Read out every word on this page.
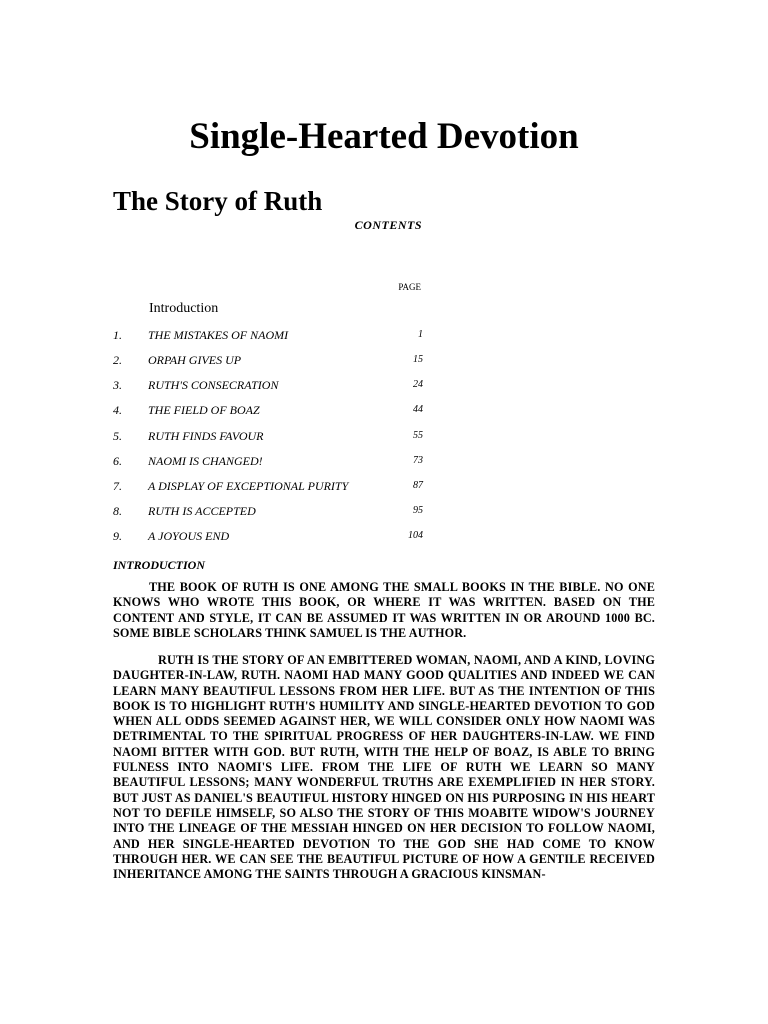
Single-Hearted Devotion
The Story of Ruth
CONTENTS
PAGE
Introduction
1. THE MISTAKES OF NAOMI	1
2. ORPAH GIVES UP	15
3. RUTH'S CONSECRATION	24
4. THE FIELD OF BOAZ	44
5. RUTH FINDS FAVOUR	55
6. NAOMI IS CHANGED!	73
7. A DISPLAY OF EXCEPTIONAL PURITY	87
8. RUTH IS ACCEPTED	95
9. A JOYOUS END	104
INTRODUCTION

THE BOOK OF RUTH IS ONE AMONG THE SMALL BOOKS IN THE BIBLE. NO ONE KNOWS WHO WROTE THIS BOOK, OR WHERE IT WAS WRITTEN. BASED ON THE CONTENT AND STYLE, IT CAN BE ASSUMED IT WAS WRITTEN IN OR AROUND 1000 BC. SOME BIBLE SCHOLARS THINK SAMUEL IS THE AUTHOR.

RUTH IS THE STORY OF AN EMBITTERED WOMAN, NAOMI, AND A KIND, LOVING DAUGHTER-IN-LAW, RUTH. NAOMI HAD MANY GOOD QUALITIES AND INDEED WE CAN LEARN MANY BEAUTIFUL LESSONS FROM HER LIFE. BUT AS THE INTENTION OF THIS BOOK IS TO HIGHLIGHT RUTH'S HUMILITY AND SINGLE-HEARTED DEVOTION TO GOD WHEN ALL ODDS SEEMED AGAINST HER, WE WILL CONSIDER ONLY HOW NAOMI WAS DETRIMENTAL TO THE SPIRITUAL PROGRESS OF HER DAUGHTERS-IN-LAW. WE FIND NAOMI BITTER WITH GOD. BUT RUTH, WITH THE HELP OF BOAZ, IS ABLE TO BRING FULNESS INTO NAOMI'S LIFE. FROM THE LIFE OF RUTH WE LEARN SO MANY BEAUTIFUL LESSONS; MANY WONDERFUL TRUTHS ARE EXEMPLIFIED IN HER STORY. BUT JUST AS DANIEL'S BEAUTIFUL HISTORY HINGED ON HIS PURPOSING IN HIS HEART NOT TO DEFILE HIMSELF, SO ALSO THE STORY OF THIS MOABITE WIDOW'S JOURNEY INTO THE LINEAGE OF THE MESSIAH HINGED ON HER DECISION TO FOLLOW NAOMI, AND HER SINGLE-HEARTED DEVOTION TO THE GOD SHE HAD COME TO KNOW THROUGH HER. WE CAN SEE THE BEAUTIFUL PICTURE OF HOW A GENTILE RECEIVED INHERITANCE AMONG THE SAINTS THROUGH A GRACIOUS KINSMAN-
